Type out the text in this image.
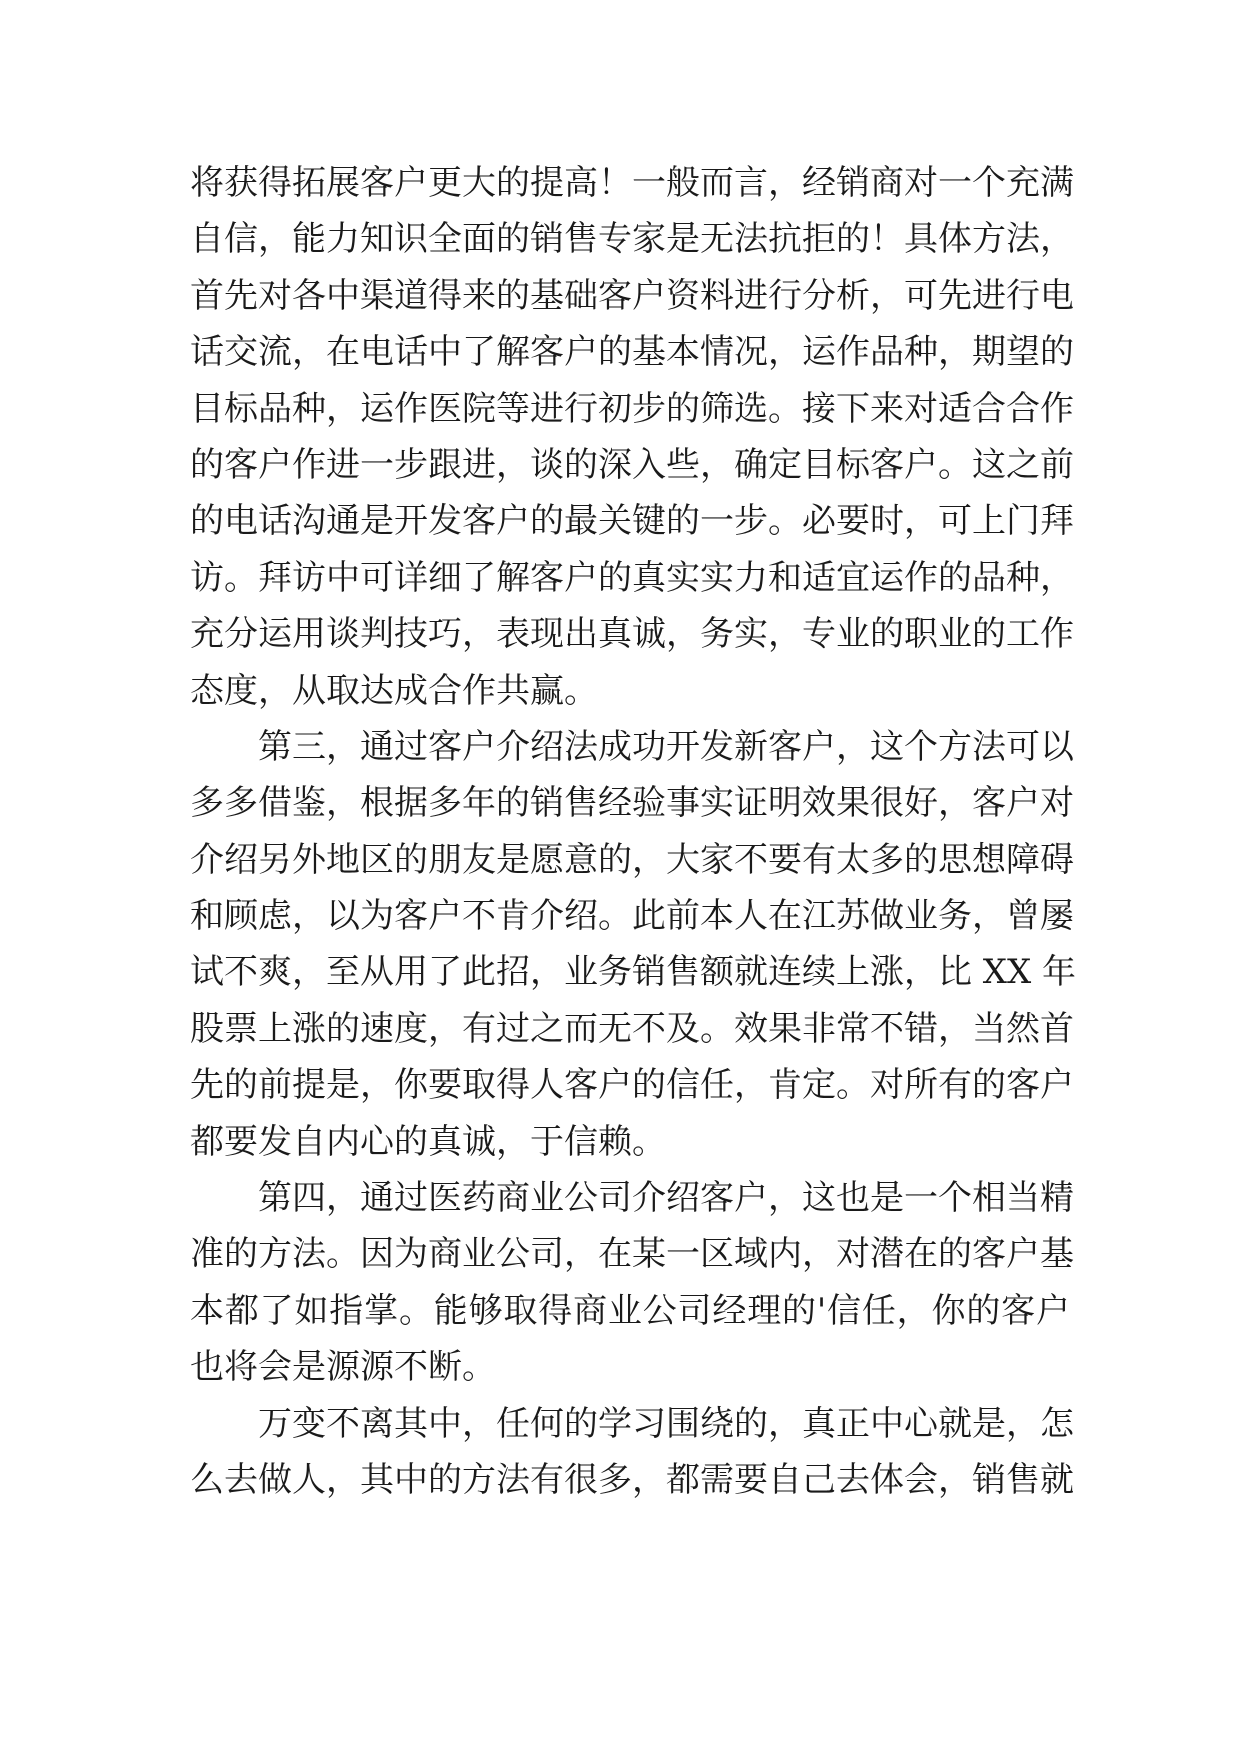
将获得拓展客户更大的提高！一般而言，经销商对一个充满
自信，能力知识全面的销售专家是无法抗拒的！具体方法，
首先对各中渠道得来的基础客户资料进行分析，可先进行电
话交流，在电话中了解客户的基本情况，运作品种，期望的
目标品种，运作医院等进行初步的筛选。接下来对适合合作
的客户作进一步跟进，谈的深入些，确定目标客户。这之前
的电话沟通是开发客户的最关键的一步。必要时，可上门拜
访。拜访中可详细了解客户的真实实力和适宜运作的品种，
充分运用谈判技巧，表现出真诚，务实，专业的职业的工作
态度，从取达成合作共赢。
第三，通过客户介绍法成功开发新客户，这个方法可以
多多借鉴，根据多年的销售经验事实证明效果很好，客户对
介绍另外地区的朋友是愿意的，大家不要有太多的思想障碍
和顾虑，以为客户不肯介绍。此前本人在江苏做业务，曾屡
试不爽，至从用了此招，业务销售额就连续上涨，比 XX 年
股票上涨的速度，有过之而无不及。效果非常不错，当然首
先的前提是，你要取得人客户的信任，肯定。对所有的客户
都要发自内心的真诚，于信赖。
第四，通过医药商业公司介绍客户，这也是一个相当精
准的方法。因为商业公司，在某一区域内，对潜在的客户基
本都了如指掌。能够取得商业公司经理的'信任，你的客户
也将会是源源不断。
万变不离其中，任何的学习围绕的，真正中心就是，怎
么去做人，其中的方法有很多，都需要自己去体会，销售就
